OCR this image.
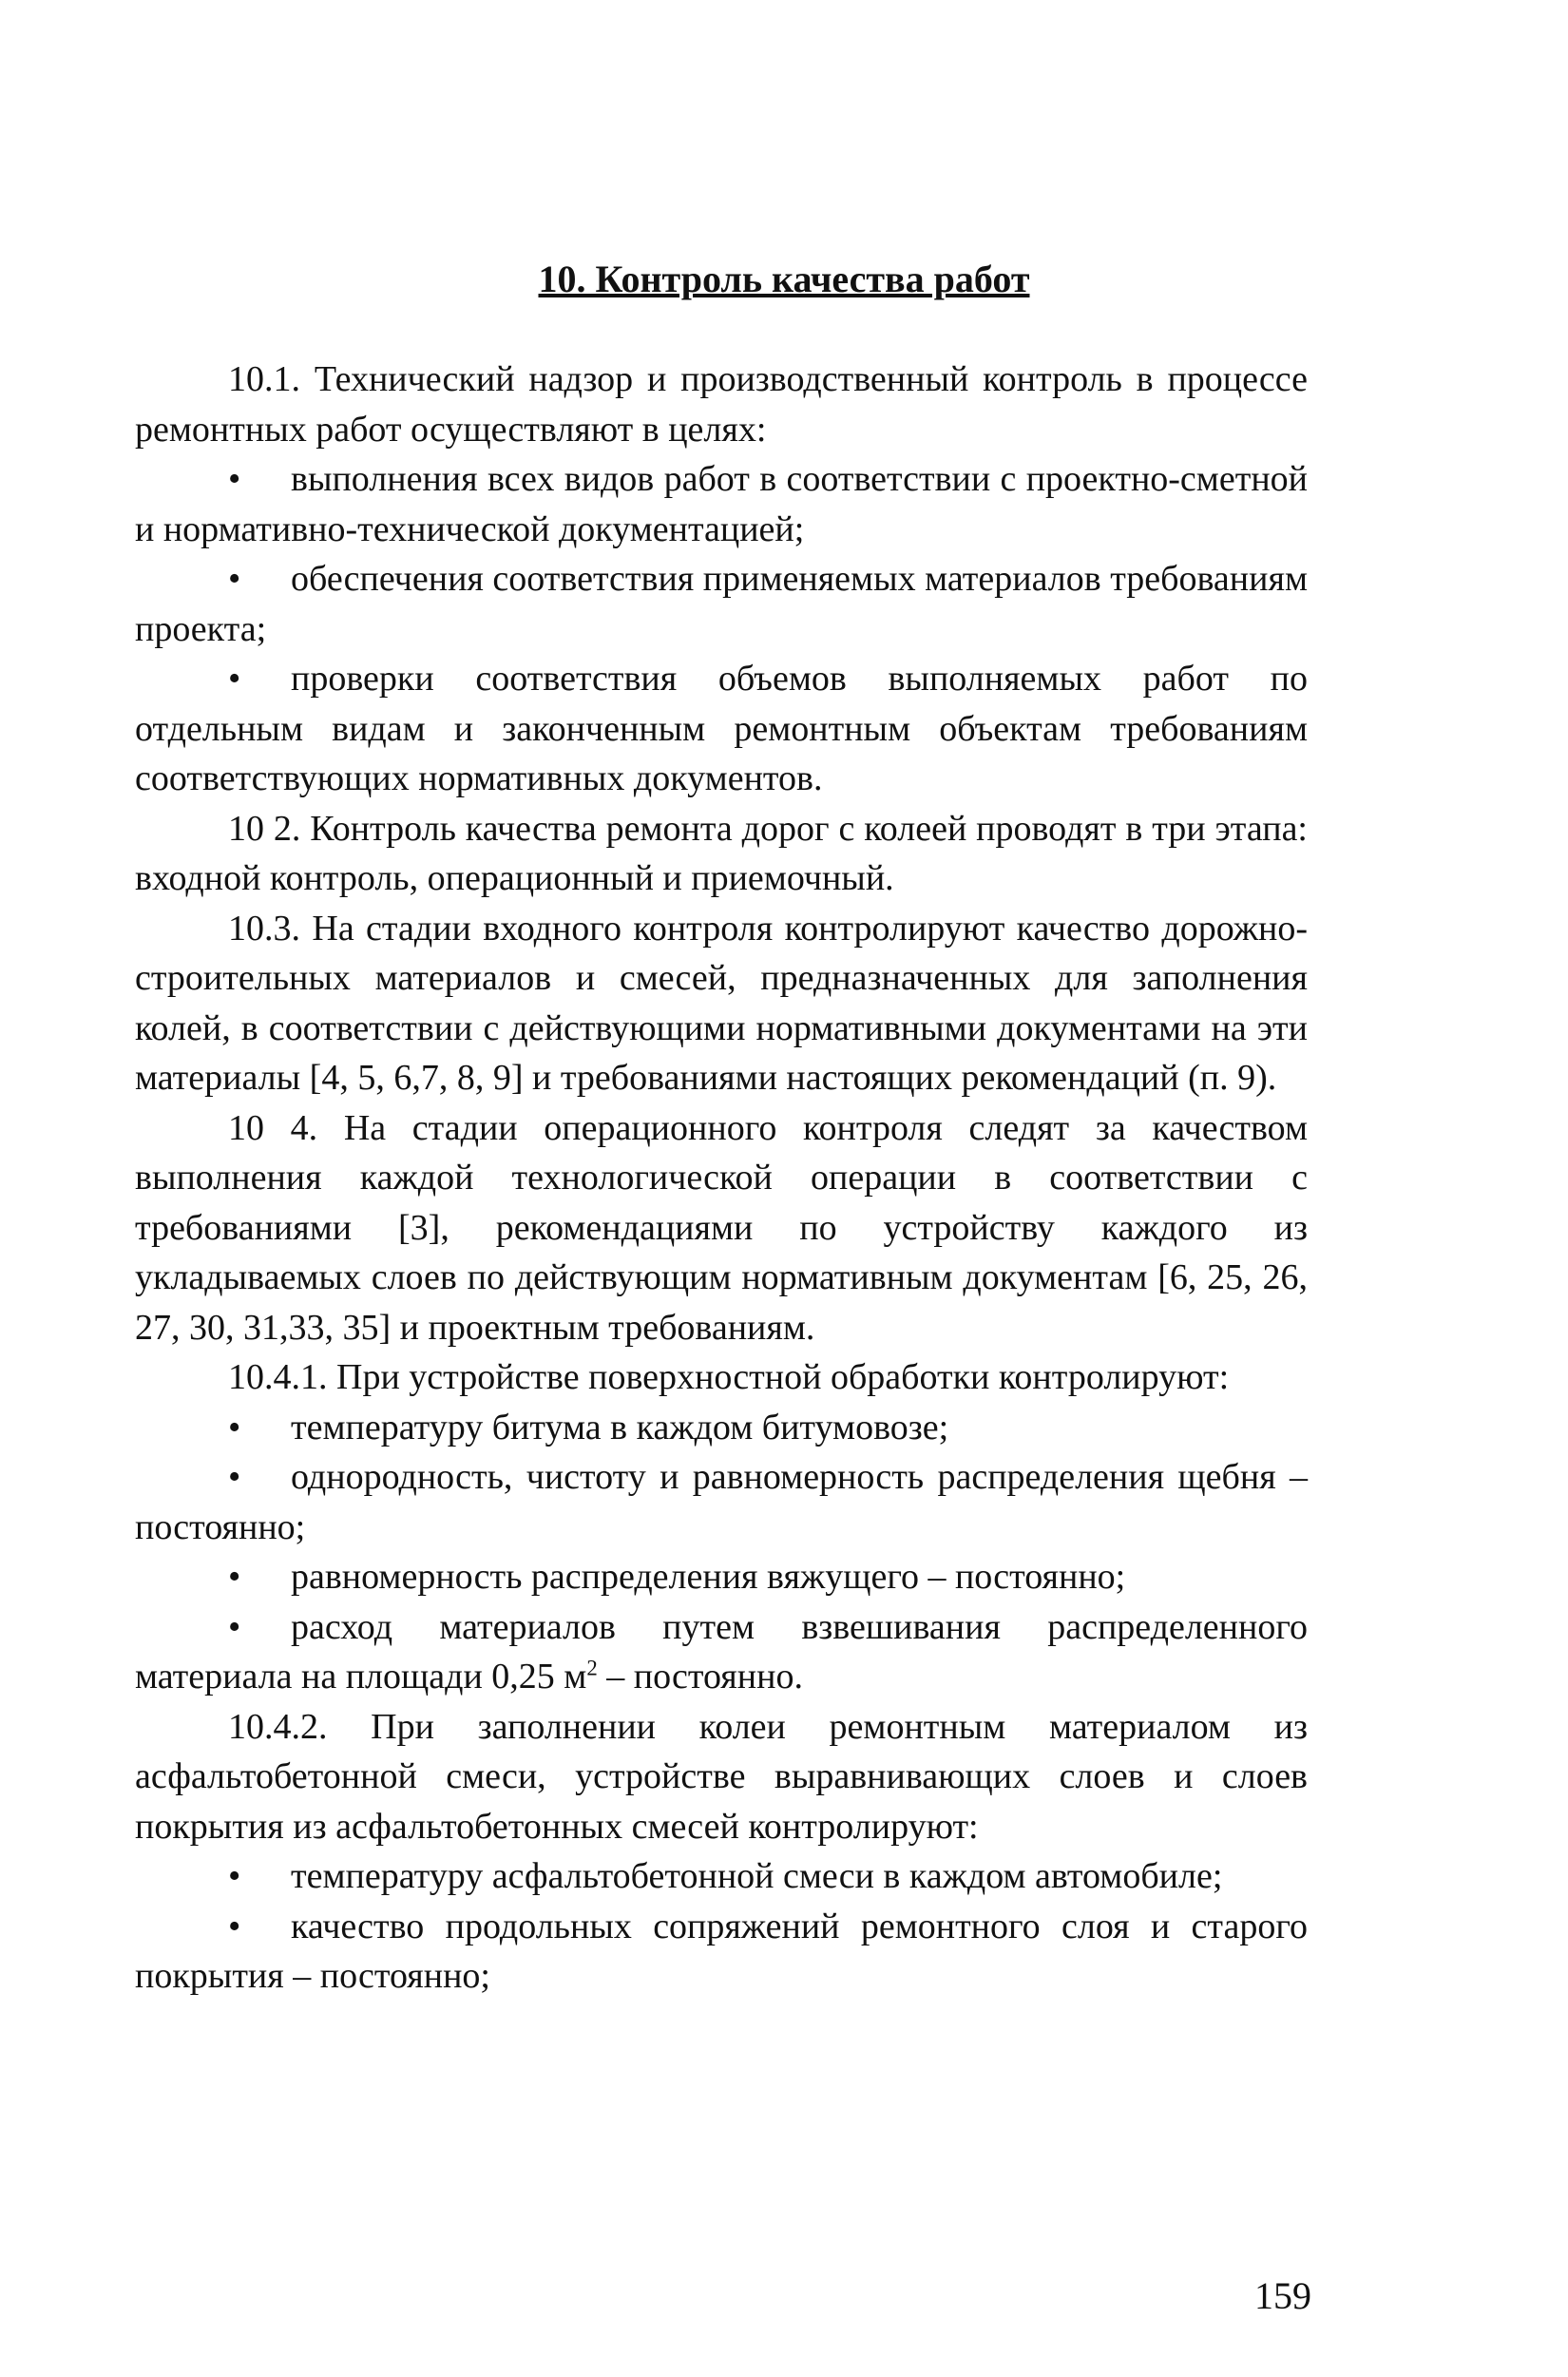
10. Контроль качества работ

10.1. Технический надзор и производственный контроль в процессе ремонтных работ осуществляют в целях:

• выполнения всех видов работ в соответствии с проектно-сметной и нормативно-технической документацией;

• обеспечения соответствия применяемых материалов требованиям проекта;

• проверки соответствия объемов выполняемых работ по отдельным видам и законченным ремонтным объектам требованиям соответствующих нормативных документов.

10 2. Контроль качества ремонта дорог с колеей проводят в три этапа: входной контроль, операционный и приемочный.

10.3. На стадии входного контроля контролируют качество дорожно-строительных материалов и смесей, предназначенных для заполнения колей, в соответствии с действующими нормативными документами на эти материалы [4, 5, 6,7, 8, 9] и требованиями настоящих рекомендаций (п. 9).

10 4. На стадии операционного контроля следят за качеством выполнения каждой технологической операции в соответствии с требованиями [3], рекомендациями по устройству каждого из укладываемых слоев по действующим нормативным документам [6, 25, 26, 27, 30, 31,33, 35] и проектным требованиям.

10.4.1. При устройстве поверхностной обработки контролируют:

• температуру битума в каждом битумовозе;

• однородность, чистоту и равномерность распределения щебня – постоянно;

• равномерность распределения вяжущего – постоянно;

• расход материалов путем взвешивания распределенного материала на площади 0,25 $м^2$ – постоянно.

10.4.2. При заполнении колеи ремонтным материалом из асфальтобетонной смеси, устройстве выравнивающих слоев и слоев покрытия из асфальтобетонных смесей контролируют:

• температуру асфальтобетонной смеси в каждом автомобиле;

• качество продольных сопряжений ремонтного слоя и старого покрытия – постоянно;

159
